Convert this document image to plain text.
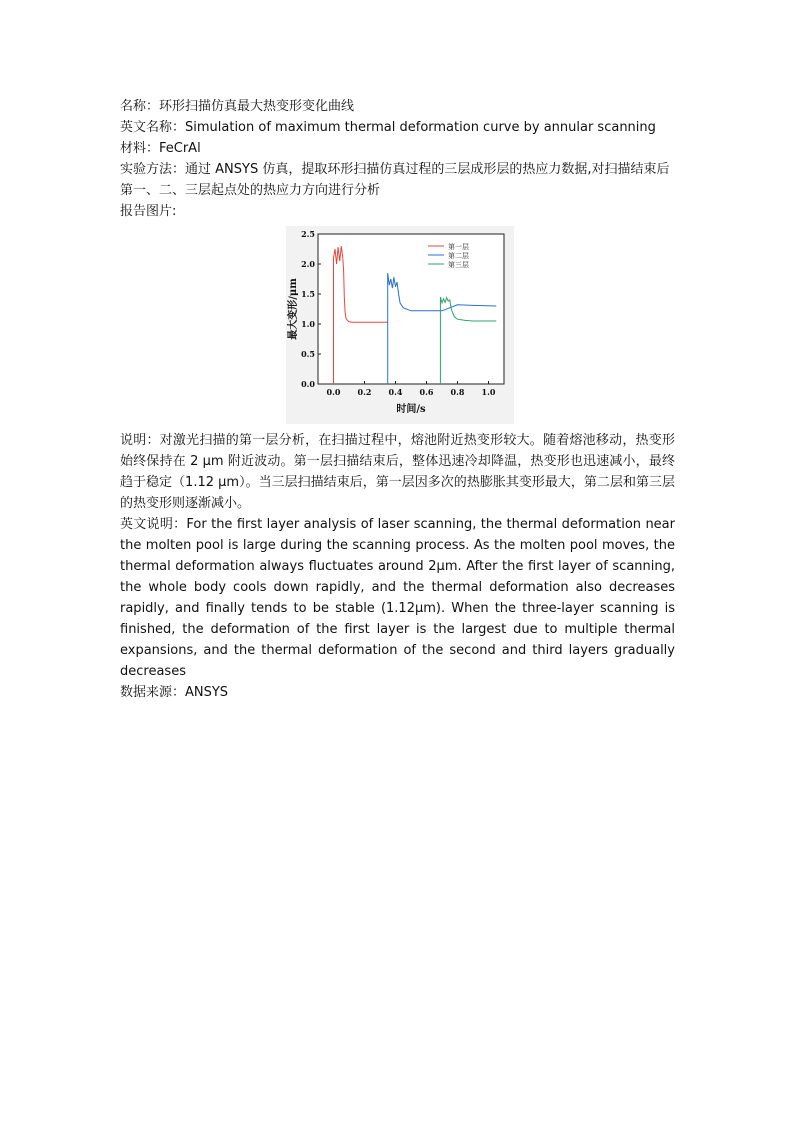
名称：环形扫描仿真最大热变形变化曲线
英文名称：Simulation of maximum thermal deformation curve by annular scanning
材料：FeCrAl
实验方法：通过 ANSYS 仿真，提取环形扫描仿真过程的三层成形层的热应力数据,对扫描结束后第一、二、三层起点处的热应力方向进行分析
报告图片:
0.0 0.2 0.4 0.6 0.8 1.0
0.0
0.5
1.0
1.5
2.0
2.5
第一层
第二层
第三层
最大变形/μm
时间/s
说明：对激光扫描的第一层分析，在扫描过程中，熔池附近热变形较大。随着熔池移动，热变形始终保持在 2 μm 附近波动。第一层扫描结束后，整体迅速冷却降温，热变形也迅速减小，最终趋于稳定（1.12 μm）。当三层扫描结束后，第一层因多次的热膨胀其变形最大，第二层和第三层的热变形则逐渐减小。
英文说明：For the first layer analysis of laser scanning, the thermal deformation near the molten pool is large during the scanning process. As the molten pool moves, the thermal deformation always fluctuates around 2μm. After the first layer of scanning, the whole body cools down rapidly, and the thermal deformation also decreases rapidly, and finally tends to be stable (1.12μm). When the three-layer scanning is finished, the deformation of the first layer is the largest due to multiple thermal expansions, and the thermal deformation of the second and third layers gradually decreases
数据来源：ANSYS
